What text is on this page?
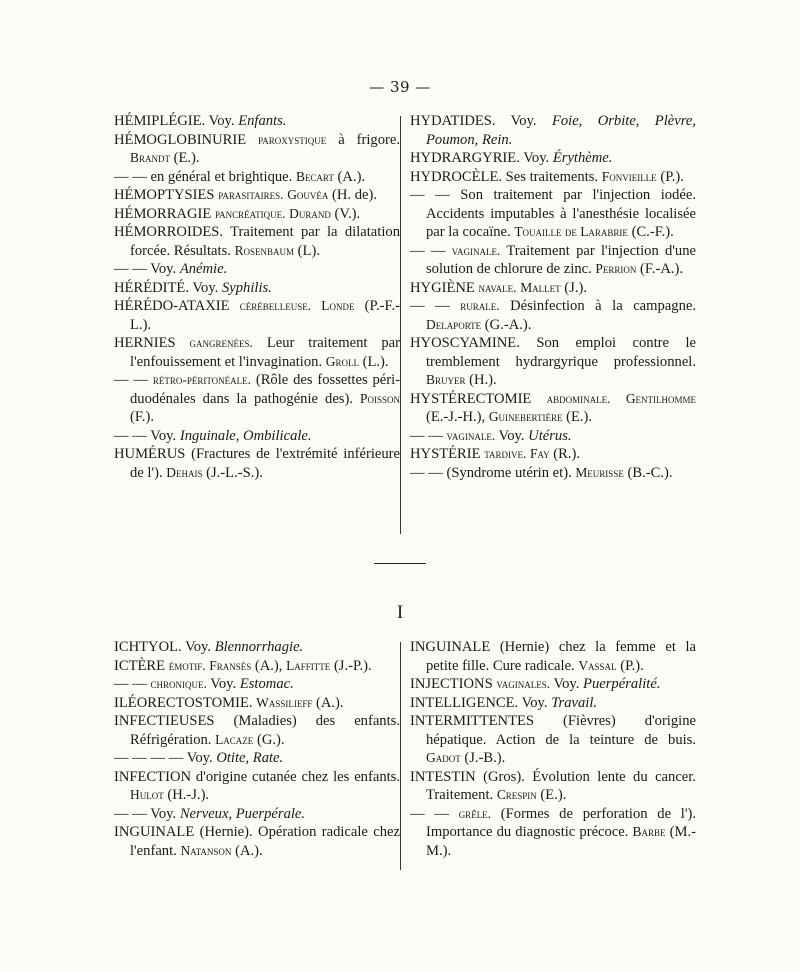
— 39 —

HÉMIPLÉGIE. Voy. Enfants.

HÉMOGLOBINURIE paroxystique à frigore. Brandt (E.).

— — en général et brightique. Becart (A.).

HÉMOPTYSIES parasitaires. Gouvéa (H. de).

HÉMORRAGIE pancréatique. Durand (V.).

HÉMORROIDES. Traitement par la dilatation forcée. Résultats. Rosenbaum (L).

— — Voy. Anémie.

HÉRÉDITÉ. Voy. Syphilis.

HÉRÉDO-ATAXIE cérébelleuse. Londe (P.-F.-L.).

HERNIES gangrenées. Leur traitement par l'enfouissement et l'invagination. Groll (L.).

— — rétro-péritonéale. (Rôle des fossettes péri-duodénales dans la pathogénie des). Poisson (F.).

— — Voy. Inguinale, Ombilicale.

HUMÉRUS (Fractures de l'extrémité inférieure de l'). Dehais (J.-L.-S.).

HYDATIDES. Voy. Foie, Orbite, Plèvre, Poumon, Rein.

HYDRARGYRIE. Voy. Érythème.

HYDROCÈLE. Ses traitements. Fonvieille (P.).

— — Son traitement par l'injection iodée. Accidents imputables à l'anesthésie localisée par la cocaïne. Touaille de Larabrie (C.-F.).

— — vaginale. Traitement par l'injection d'une solution de chlorure de zinc. Perrion (F.-A.).

HYGIÈNE navale. Mallet (J.).

— — rurale. Désinfection à la campagne. Delaporte (G.-A.).

HYOSCYAMINE. Son emploi contre le tremblement hydrargyrique professionnel. Bruyer (H.).

HYSTÉRECTOMIE abdominale. Gentilhomme (E.-J.-H.), Guinebertière (E.).

— — vaginale. Voy. Utérus.

HYSTÉRIE tardive. Fay (R.).

— — (Syndrome utérin et). Meurisse (B.-C.).

I

ICHTYOL. Voy. Blennorrhagie.

ICTÈRE émotif. Fransès (A.), Laffitte (J.-P.).

— — chronique. Voy. Estomac.

ILÉORECTOSTOMIE. Wassilieff (A.).

INFECTIEUSES (Maladies) des enfants. Réfrigération. Lacaze (G.).

— — — — Voy. Otite, Rate.

INFECTION d'origine cutanée chez les enfants. Hulot (H.-J.).

— — Voy. Nerveux, Puerpérale.

INGUINALE (Hernie). Opération radicale chez l'enfant. Natanson (A.).

INGUINALE (Hernie) chez la femme et la petite fille. Cure radicale. Vassal (P.).

INJECTIONS vaginales. Voy. Puerpéralité.

INTELLIGENCE. Voy. Travail.

INTERMITTENTES (Fièvres) d'origine hépatique. Action de la teinture de buis. Gadot (J.-B.).

INTESTIN (Gros). Évolution lente du cancer. Traitement. Crespin (E.).

— — grêle. (Formes de perforation de l'). Importance du diagnostic précoce. Barbe (M.-M.).
